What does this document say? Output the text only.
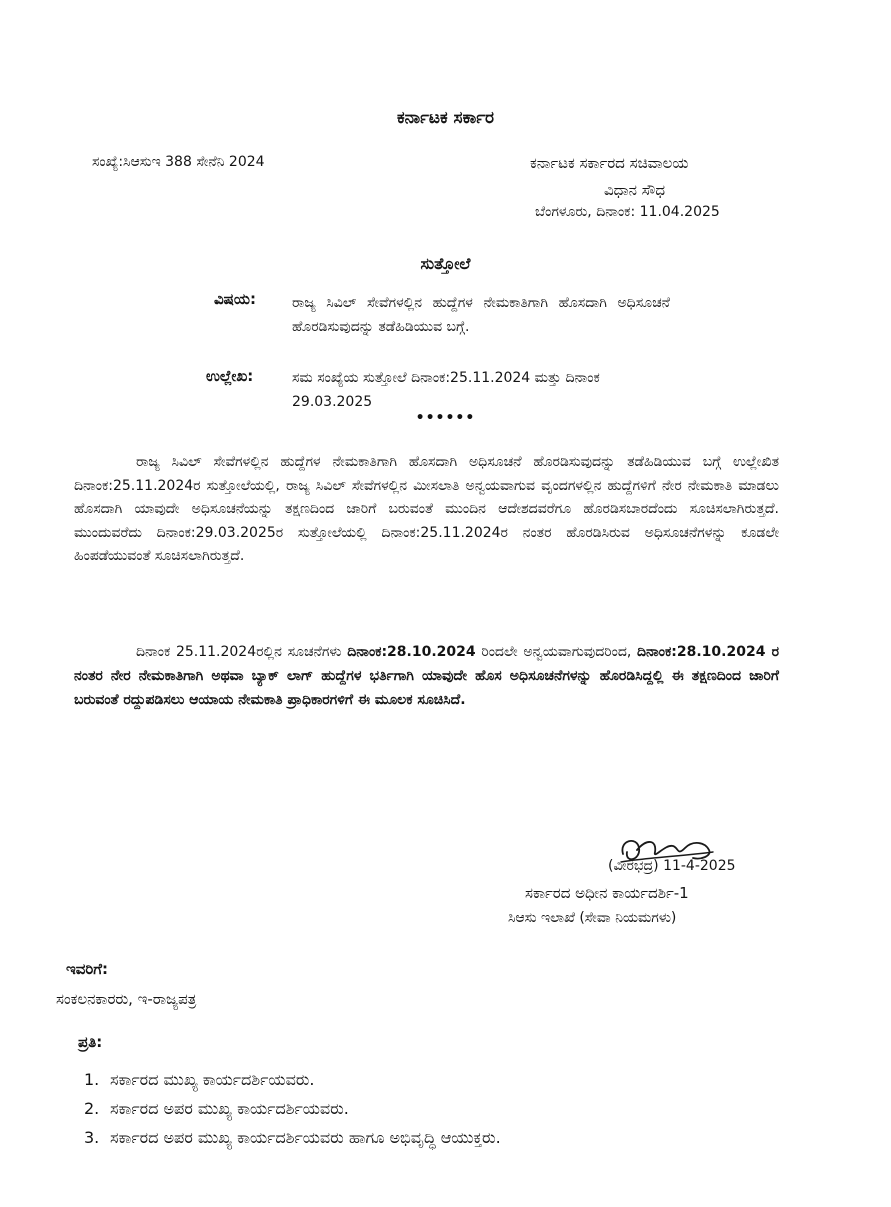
ಕರ್ನಾಟಕ ಸರ್ಕಾರ
ಸಂಖ್ಯೆ:ಸಿಆಸುಇ 388 ಸೇನೆನಿ 2024	ಕರ್ನಾಟಕ ಸರ್ಕಾರದ ಸಚಿವಾಲಯ
ವಿಧಾನ ಸೌಧ
ಬೆಂಗಳೂರು, ದಿನಾಂಕ: 11.04.2025
ಸುತ್ತೋಲೆ
ವಿಷಯ:	ರಾಜ್ಯ ಸಿವಿಲ್ ಸೇವೆಗಳಲ್ಲಿನ ಹುದ್ದೆಗಳ ನೇಮಕಾತಿಗಾಗಿ ಹೊಸದಾಗಿ ಅಧಿಸೂಚನೆ ಹೊರಡಿಸುವುದನ್ನು ತಡೆಹಿಡಿಯುವ ಬಗ್ಗೆ.
ಉಲ್ಲೇಖ:	ಸಮ ಸಂಖ್ಯೆಯ ಸುತ್ತೋಲೆ ದಿನಾಂಕ:25.11.2024 ಮತ್ತು ದಿನಾಂಕ 29.03.2025
••••••
ರಾಜ್ಯ ಸಿವಿಲ್ ಸೇವೆಗಳಲ್ಲಿನ ಹುದ್ದೆಗಳ ನೇಮಕಾತಿಗಾಗಿ ಹೊಸದಾಗಿ ಅಧಿಸೂಚನೆ ಹೊರಡಿಸುವುದನ್ನು ತಡೆಹಿಡಿಯುವ ಬಗ್ಗೆ ಉಲ್ಲೇಖಿತ ದಿನಾಂಕ:25.11.2024ರ ಸುತ್ತೋಲೆಯಲ್ಲಿ, ರಾಜ್ಯ ಸಿವಿಲ್ ಸೇವೆಗಳಲ್ಲಿನ ಮೀಸಲಾತಿ ಅನ್ವಯವಾಗುವ ವೃಂದಗಳಲ್ಲಿನ ಹುದ್ದೆಗಳಿಗೆ ನೇರ ನೇಮಕಾತಿ ಮಾಡಲು ಹೊಸದಾಗಿ ಯಾವುದೇ ಅಧಿಸೂಚನೆಯನ್ನು ತಕ್ಷಣದಿಂದ ಜಾರಿಗೆ ಬರುವಂತೆ ಮುಂದಿನ ಆದೇಶದವರೆಗೂ ಹೊರಡಿಸಬಾರದೆಂದು ಸೂಚಿಸಲಾಗಿರುತ್ತದೆ. ಮುಂದುವರೆದು ದಿನಾಂಕ:29.03.2025ರ ಸುತ್ತೋಲೆಯಲ್ಲಿ ದಿನಾಂಕ:25.11.2024ರ ನಂತರ ಹೊರಡಿಸಿರುವ ಅಧಿಸೂಚನೆಗಳನ್ನು ಕೂಡಲೇ ಹಿಂಪಡೆಯುವಂತೆ ಸೂಚಿಸಲಾಗಿರುತ್ತದೆ.
ದಿನಾಂಕ 25.11.2024ರಲ್ಲಿನ ಸೂಚನೆಗಳು ದಿನಾಂಕ:28.10.2024 ರಿಂದಲೇ ಅನ್ವಯವಾಗುವುದರಿಂದ, ದಿನಾಂಕ:28.10.2024 ರ ನಂತರ ನೇರ ನೇಮಕಾತಿಗಾಗಿ ಅಥವಾ ಬ್ಯಾಕ್ ಲಾಗ್ ಹುದ್ದೆಗಳ ಭರ್ತಿಗಾಗಿ ಯಾವುದೇ ಹೊಸ ಅಧಿಸೂಚನೆಗಳನ್ನು ಹೊರಡಿಸಿದ್ದಲ್ಲಿ ಈ ತಕ್ಷಣದಿಂದ ಜಾರಿಗೆ ಬರುವಂತೆ ರದ್ದುಪಡಿಸಲು ಆಯಾಯ ನೇಮಕಾತಿ ಪ್ರಾಧಿಕಾರಗಳಿಗೆ ಈ ಮೂಲಕ ಸೂಚಿಸಿದೆ.
(ವೀರಭದ್ರ) 11-4-2025
ಸರ್ಕಾರದ ಅಧೀನ ಕಾರ್ಯದರ್ಶಿ-1
ಸಿಆಸು ಇಲಾಖೆ (ಸೇವಾ ನಿಯಮಗಳು)
ಇವರಿಗೆ:
ಸಂಕಲನಕಾರರು, ಇ-ರಾಜ್ಯಪತ್ರ
ಪ್ರತಿ:
1. ಸರ್ಕಾರದ ಮುಖ್ಯ ಕಾರ್ಯದರ್ಶಿಯವರು.
2. ಸರ್ಕಾರದ ಅಪರ ಮುಖ್ಯ ಕಾರ್ಯದರ್ಶಿಯವರು.
3. ಸರ್ಕಾರದ ಅಪರ ಮುಖ್ಯ ಕಾರ್ಯದರ್ಶಿಯವರು ಹಾಗೂ ಅಭಿವೃದ್ಧಿ ಆಯುಕ್ತರು.
